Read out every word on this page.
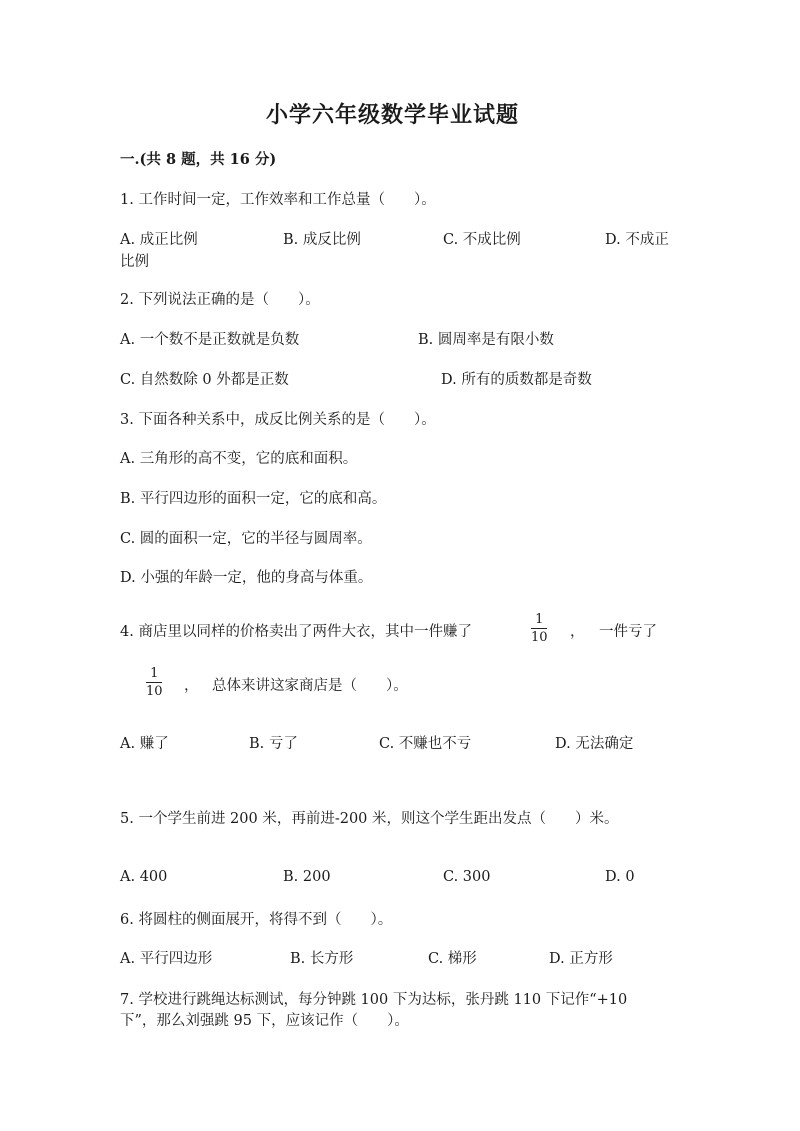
小学六年级数学毕业试题
一.(共 8 题，共 16 分)
1. 工作时间一定，工作效率和工作总量（　　）。
A. 成正比例	B. 成反比例	C. 不成比例	D. 不成正
比例
2. 下列说法正确的是（　　）。
A. 一个数不是正数就是负数	B. 圆周率是有限小数
C. 自然数除 0 外都是正数	D. 所有的质数都是奇数
3. 下面各种关系中，成反比例关系的是（　　）。
A. 三角形的高不变，它的底和面积。
B. 平行四边形的面积一定，它的底和高。
C. 圆的面积一定，它的半径与圆周率。
D. 小强的年龄一定，他的身高与体重。
4. 商店里以同样的价格卖出了两件大衣，其中一件赚了
1
10 ， 一件亏了
1
10 ， 总体来讲这家商店是（　　）。
A. 赚了	B. 亏了	C. 不赚也不亏	D. 无法确定
5. 一个学生前进 200 米，再前进-200 米，则这个学生距出发点（　　）米。
A. 400	B. 200	C. 300	D. 0
6. 将圆柱的侧面展开，将得不到（　　）。
A. 平行四边形	B. 长方形	C. 梯形	D. 正方形
7. 学校进行跳绳达标测试，每分钟跳 100 下为达标，张丹跳 110 下记作“+10
下”，那么刘强跳 95 下，应该记作（　　）。
